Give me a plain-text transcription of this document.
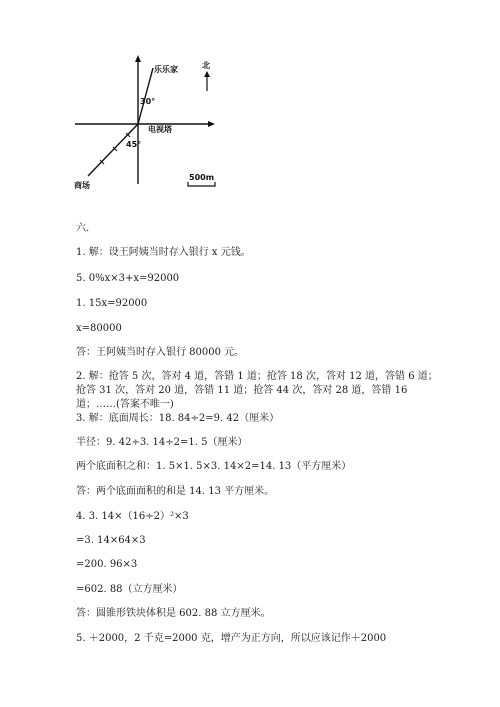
乐乐家
30°
电视塔
45°
商场
北
500m
六.
1. 解：设王阿姨当时存入银行 x 元钱。
5. 0%x×3+x=92000
1. 15x=92000
x=80000
答：王阿姨当时存入银行 80000 元。
2. 解：抢答 5 次，答对 4 道，答错 1 道；抢答 18 次，答对 12 道，答错 6 道；
抢答 31 次，答对 20 道，答错 11 道；抢答 44 次，答对 28 道，答错 16
道；……(答案不唯一)
3. 解：底面周长：18. 84÷2=9. 42（厘米）
半径：9. 42÷3. 14÷2=1. 5（厘米）
两个底面积之和：1. 5×1. 5×3. 14×2=14. 13（平方厘米）
答：两个底面面积的和是 14. 13 平方厘米。
4. 3. 14×（16÷2）²×3
=3. 14×64×3
=200. 96×3
=602. 88（立方厘米）
答：圆锥形铁块体积是 602. 88 立方厘米。
5. ＋2000，2 千克=2000 克，增产为正方向，所以应该记作＋2000
